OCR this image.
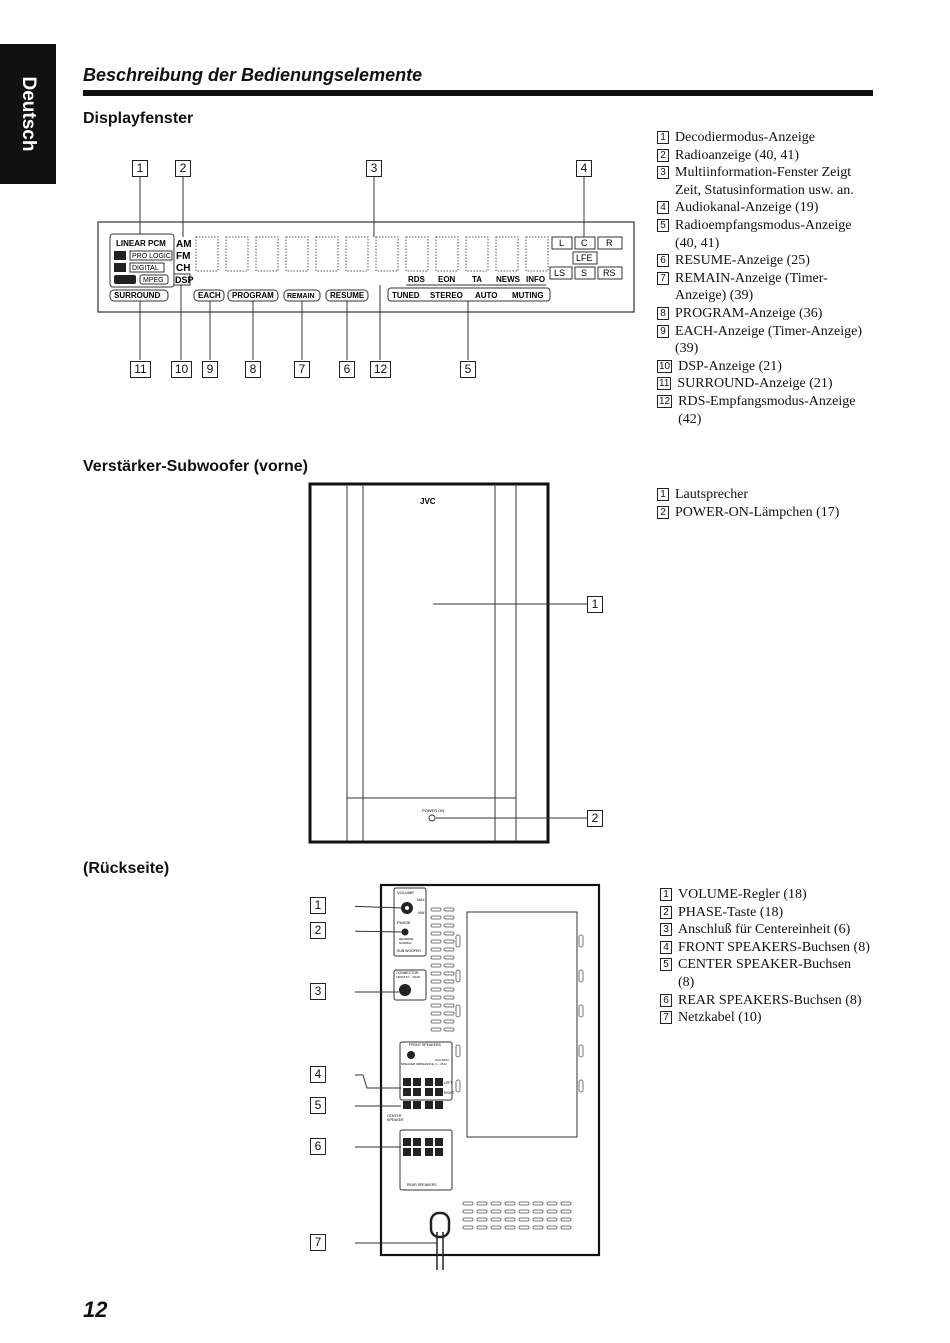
Deutsch
Beschreibung der Bedienungselemente
Displayfenster
LINEAR PCM
PRO LOGIC
DIGITAL
MPEG
AM
FM
CH
DSP	RDS EON TA NEWS INFO
L C R
LFE
LS S RS
SURROUND	EACH PROGRAM REMAIN RESUME	TUNED STEREO AUTO MUTING
1	2	3	4
11	10	9	8	7	6	12	5
1 Decodiermodus-Anzeige
2 Radioanzeige (40, 41)
3 Multiinformation-Fenster Zeigt Zeit, Statusinformation usw. an.
4 Audiokanal-Anzeige (19)
5 Radioempfangsmodus-Anzeige (40, 41)
6 RESUME-Anzeige (25)
7 REMAIN-Anzeige (Timer-Anzeige) (39)
8 PROGRAM-Anzeige (36)
9 EACH-Anzeige (Timer-Anzeige) (39)
10 DSP-Anzeige (21)
11 SURROUND-Anzeige (21)
12 RDS-Empfangsmodus-Anzeige (42)
Verstärker-Subwoofer (vorne)
JVC
POWER ON
1
2
1 Lautsprecher
2 POWER-ON-Lämpchen (17)
(Rückseite)
VOLUME
MAX
MIN
PHASE
REVERSE
NORMAL
SUB WOOFER
CONNECTOR
FROM SY - THA8
FRONT SPEAKERS
SPEAKER IMPEDANCE
CAUTION
4 ~ 16 Ω
LEFT
RIGHT
CENTER
SPEAKER
REAR SPEAKERS
1
2
3
4
5
6
7
1 VOLUME-Regler (18)
2 PHASE-Taste (18)
3 Anschluß für Centereinheit (6)
4 FRONT SPEAKERS-Buchsen (8)
5 CENTER SPEAKER-Buchsen (8)
6 REAR SPEAKERS-Buchsen (8)
7 Netzkabel (10)
12
